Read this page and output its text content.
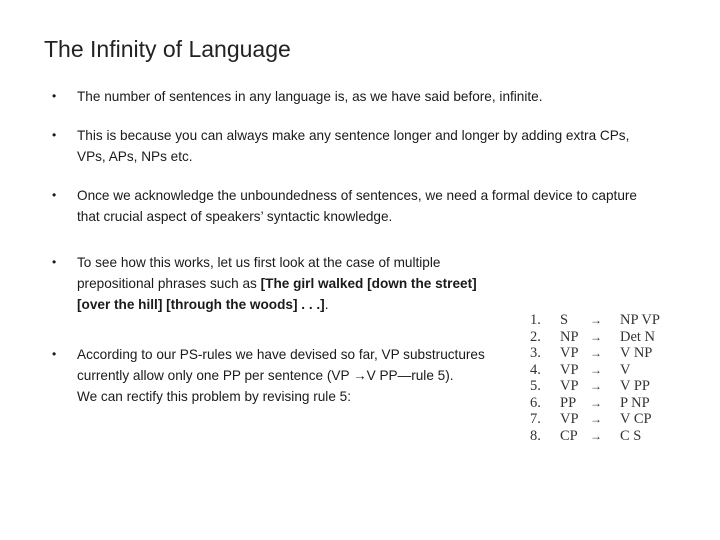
The Infinity of Language
• The number of sentences in any language is, as we have said before, infinite.
• This is because you can always make any sentence longer and longer by adding extra CPs, VPs, APs, NPs etc.
• Once we acknowledge the unboundedness of sentences, we need a formal device to capture that crucial aspect of speakers’ syntactic knowledge.
• To see how this works, let us first look at the case of multiple prepositional phrases such as [The girl walked [down the street] [over the hill] [through the woods] . . .].
• According to our PS-rules we have devised so far, VP substructures
currently allow only one PP per sentence (VP →V PP—rule 5).
We can rectify this problem by revising rule 5:
1. S → NP VP
2. NP → Det N
3. VP → V NP
4. VP → V
5. VP → V PP
6. PP → P NP
7. VP → V CP
8. CP → C S
